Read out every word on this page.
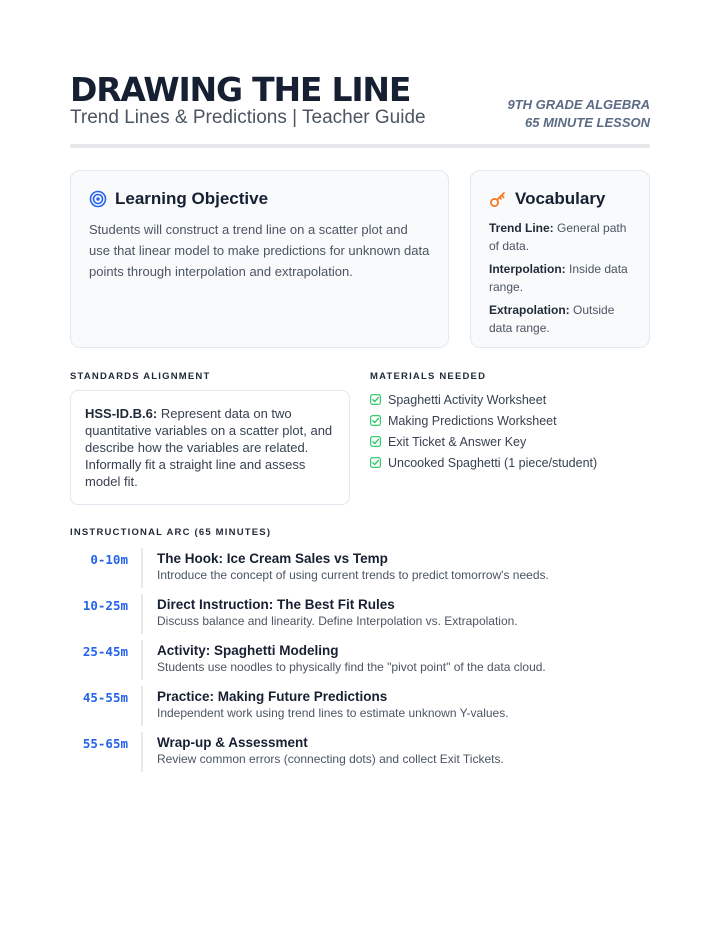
DRAWING THE LINE
Trend Lines & Predictions | Teacher Guide
9TH GRADE ALGEBRA
65 MINUTE LESSON
Learning Objective

Students will construct a trend line on a scatter plot and use that linear model to make predictions for unknown data points through interpolation and extrapolation.

Vocabulary

Trend Line: General path of data.

Interpolation: Inside data range.

Extrapolation: Outside data range.

STANDARDS ALIGNMENT
HSS-ID.B.6: Represent data on two quantitative variables on a scatter plot, and describe how the variables are related. Informally fit a straight line and assess model fit.
MATERIALS NEEDED
Spaghetti Activity Worksheet
Making Predictions Worksheet
Exit Ticket & Answer Key
Uncooked Spaghetti (1 piece/student)
INSTRUCTIONAL ARC (65 MINUTES)
0-10m The Hook: Ice Cream Sales vs Temp
Introduce the concept of using current trends to predict tomorrow's needs.
10-25m Direct Instruction: The Best Fit Rules
Discuss balance and linearity. Define Interpolation vs. Extrapolation.
25-45m Activity: Spaghetti Modeling
Students use noodles to physically find the "pivot point" of the data cloud.
45-55m Practice: Making Future Predictions
Independent work using trend lines to estimate unknown Y-values.
55-65m Wrap-up & Assessment
Review common errors (connecting dots) and collect Exit Tickets.
